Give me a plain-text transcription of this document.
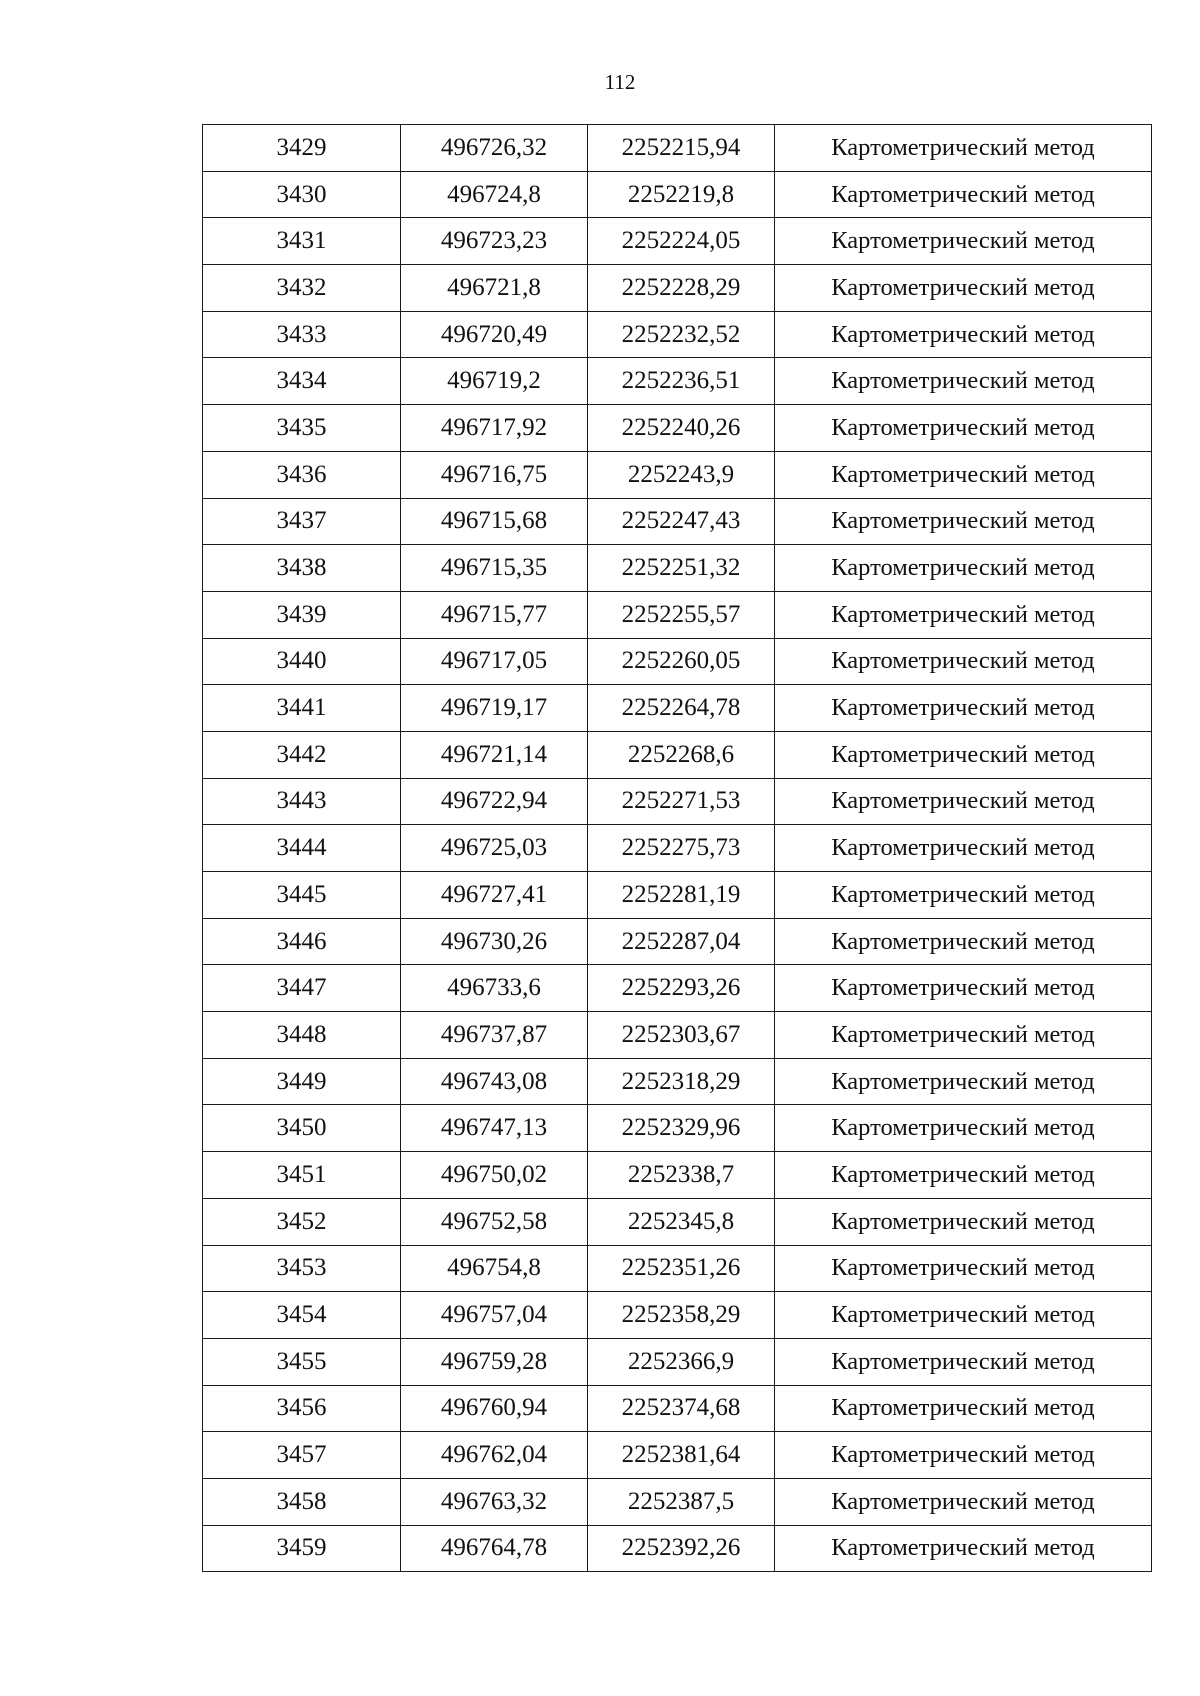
112
3429	496726,32	2252215,94	Картометрический метод
3430	496724,8	2252219,8	Картометрический метод
3431	496723,23	2252224,05	Картометрический метод
3432	496721,8	2252228,29	Картометрический метод
3433	496720,49	2252232,52	Картометрический метод
3434	496719,2	2252236,51	Картометрический метод
3435	496717,92	2252240,26	Картометрический метод
3436	496716,75	2252243,9	Картометрический метод
3437	496715,68	2252247,43	Картометрический метод
3438	496715,35	2252251,32	Картометрический метод
3439	496715,77	2252255,57	Картометрический метод
3440	496717,05	2252260,05	Картометрический метод
3441	496719,17	2252264,78	Картометрический метод
3442	496721,14	2252268,6	Картометрический метод
3443	496722,94	2252271,53	Картометрический метод
3444	496725,03	2252275,73	Картометрический метод
3445	496727,41	2252281,19	Картометрический метод
3446	496730,26	2252287,04	Картометрический метод
3447	496733,6	2252293,26	Картометрический метод
3448	496737,87	2252303,67	Картометрический метод
3449	496743,08	2252318,29	Картометрический метод
3450	496747,13	2252329,96	Картометрический метод
3451	496750,02	2252338,7	Картометрический метод
3452	496752,58	2252345,8	Картометрический метод
3453	496754,8	2252351,26	Картометрический метод
3454	496757,04	2252358,29	Картометрический метод
3455	496759,28	2252366,9	Картометрический метод
3456	496760,94	2252374,68	Картометрический метод
3457	496762,04	2252381,64	Картометрический метод
3458	496763,32	2252387,5	Картометрический метод
3459	496764,78	2252392,26	Картометрический метод
